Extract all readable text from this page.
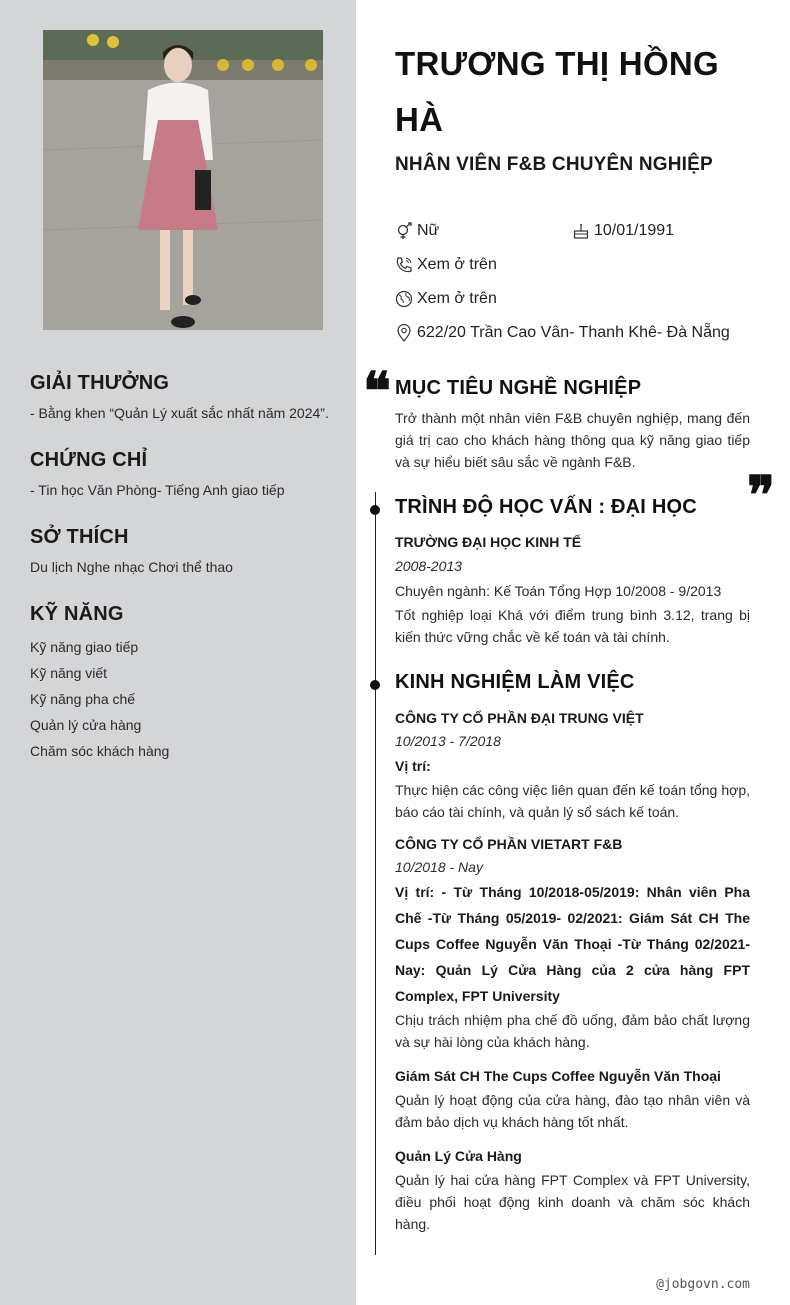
GIẢI THƯỞNG
- Bằng khen “Quản Lý xuất sắc nhất năm 2024”.
CHỨNG CHỈ
- Tin học Văn Phòng- Tiếng Anh giao tiếp
SỞ THÍCH
Du lịch Nghe nhạc Chơi thể thao
KỸ NĂNG
Kỹ năng giao tiếp
Kỹ năng viết
Kỹ năng pha chế
Quản lý cửa hàng
Chăm sóc khách hàng
TRƯƠNG THỊ HỒNG HÀ
NHÂN VIÊN F&B CHUYÊN NGHIỆP
Nữ	10/01/1991
Xem ở trên
Xem ở trên
622/20 Trần Cao Vân- Thanh Khê- Đà Nẵng
❝
❞
MỤC TIÊU NGHỀ NGHIỆP
Trở thành một nhân viên F&B chuyên nghiệp, mang đến giá trị cao cho khách hàng thông qua kỹ năng giao tiếp và sự hiểu biết sâu sắc về ngành F&B.
TRÌNH ĐỘ HỌC VẤN : ĐẠI HỌC
TRƯỜNG ĐẠI HỌC KINH TẾ
2008-2013
Chuyên ngành: Kế Toán Tổng Hợp 10/2008 - 9/2013
Tốt nghiệp loại Khá với điểm trung bình 3.12, trang bị kiến thức vững chắc về kế toán và tài chính.
KINH NGHIỆM LÀM VIỆC
CÔNG TY CỔ PHẦN ĐẠI TRUNG VIỆT
10/2013 - 7/2018
Vị trí:
Thực hiện các công việc liên quan đến kế toán tổng hợp, báo cáo tài chính, và quản lý sổ sách kế toán.
CÔNG TY CỔ PHẦN VIETART F&B
10/2018 - Nay
Vị trí: - Từ Tháng 10/2018-05/2019: Nhân viên Pha Chế -Từ Tháng 05/2019- 02/2021: Giám Sát CH The Cups Coffee Nguyễn Văn Thoại -Từ Tháng 02/2021- Nay: Quản Lý Cửa Hàng của 2 cửa hàng FPT Complex, FPT University
Chịu trách nhiệm pha chế đồ uống, đảm bảo chất lượng và sự hài lòng của khách hàng.
Giám Sát CH The Cups Coffee Nguyễn Văn Thoại
Quản lý hoạt động của cửa hàng, đào tạo nhân viên và đảm bảo dịch vụ khách hàng tốt nhất.
Quản Lý Cửa Hàng
Quản lý hai cửa hàng FPT Complex và FPT University, điều phối hoạt động kinh doanh và chăm sóc khách hàng.
@jobgovn.com
